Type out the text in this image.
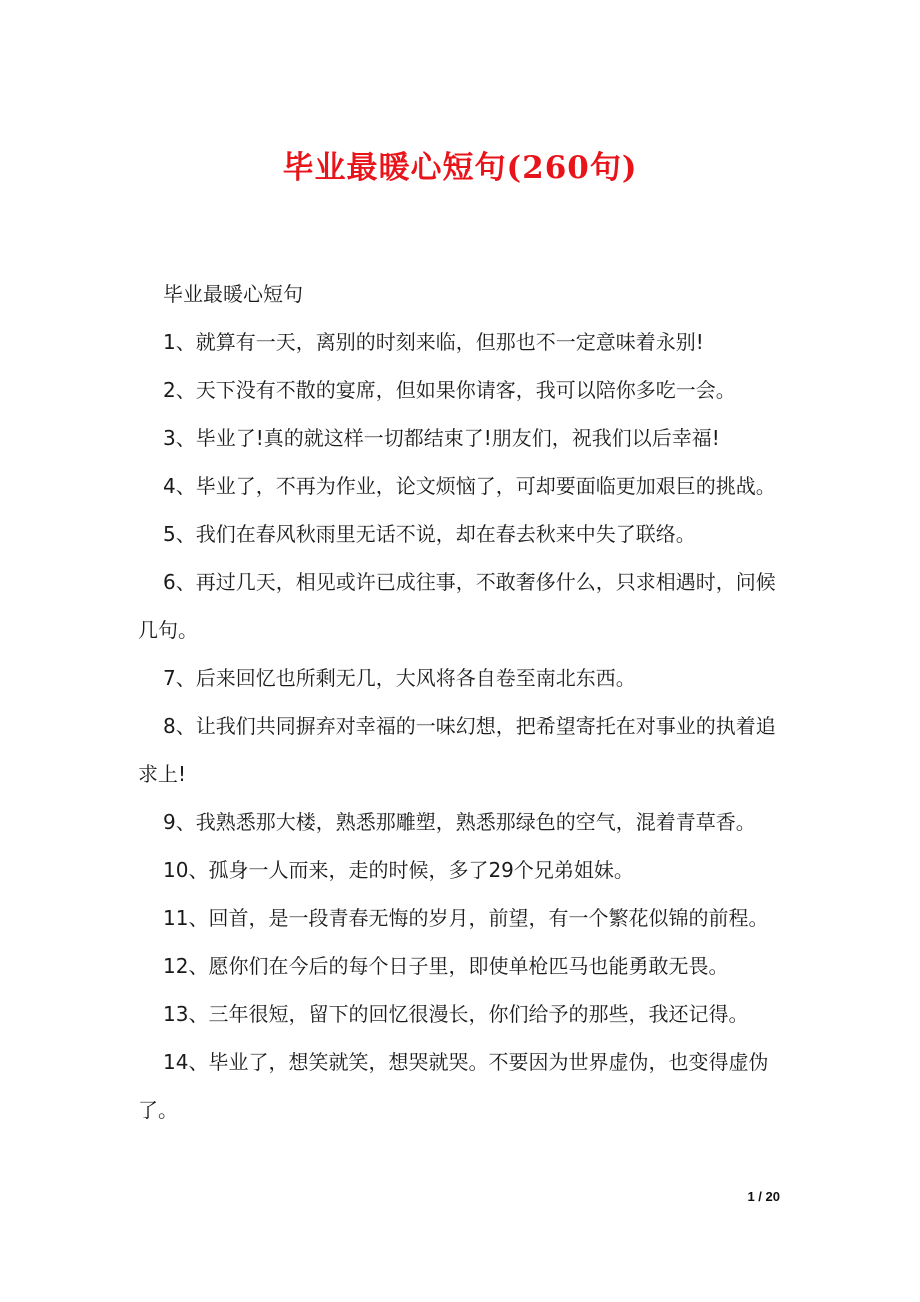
毕业最暖心短句(260句)

毕业最暖心短句

1、就算有一天，离别的时刻来临，但那也不一定意味着永别!

2、天下没有不散的宴席，但如果你请客，我可以陪你多吃一会。

3、毕业了!真的就这样一切都结束了!朋友们，祝我们以后幸福!

4、毕业了，不再为作业，论文烦恼了，可却要面临更加艰巨的挑战。

5、我们在春风秋雨里无话不说，却在春去秋来中失了联络。

6、再过几天，相见或许已成往事，不敢奢侈什么，只求相遇时，问候几句。

7、后来回忆也所剩无几，大风将各自卷至南北东西。

8、让我们共同摒弃对幸福的一味幻想，把希望寄托在对事业的执着追求上!

9、我熟悉那大楼，熟悉那雕塑，熟悉那绿色的空气，混着青草香。

10、孤身一人而来，走的时候，多了29个兄弟姐妹。

11、回首，是一段青春无悔的岁月，前望，有一个繁花似锦的前程。

12、愿你们在今后的每个日子里，即使单枪匹马也能勇敢无畏。

13、三年很短，留下的回忆很漫长，你们给予的那些，我还记得。

14、毕业了，想笑就笑，想哭就哭。不要因为世界虚伪，也变得虚伪了。

1 / 20
